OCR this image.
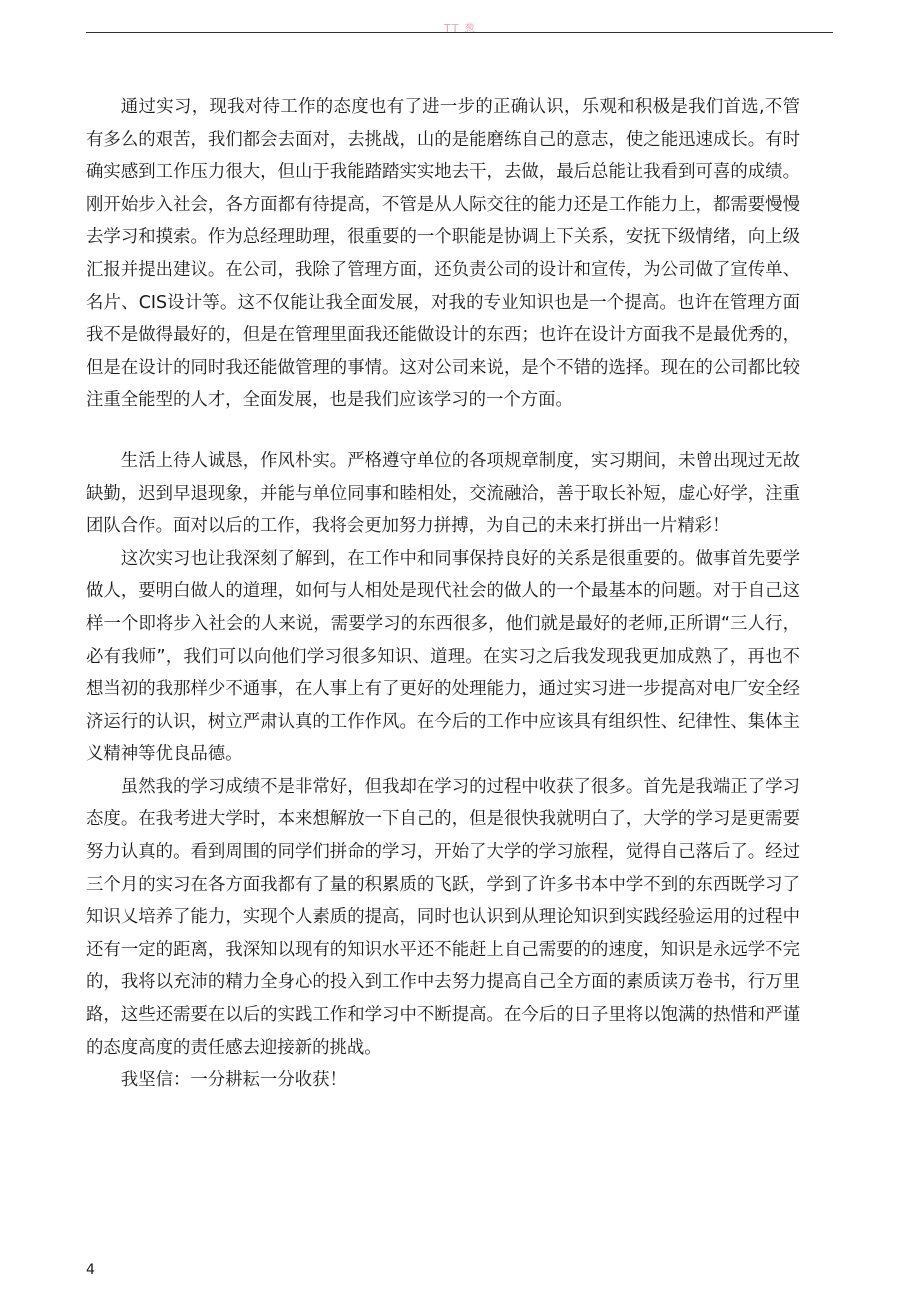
ТТ 葱

通过实习，现我对待工作的态度也有了进一步的正确认识，乐观和积极是我们首选,不管有多么的艰苦，我们都会去面对，去挑战，山的是能磨练自己的意志，使之能迅速成长。有时确实感到工作压力很大，但山于我能踏踏实实地去干，去做，最后总能让我看到可喜的成绩。刚开始步入社会，各方面都有待提高，不管是从人际交往的能力还是工作能力上，都需要慢慢去学习和摸索。作为总经理助理，很重要的一个职能是协调上下关系，安抚下级情绪，向上级汇报并提出建议。在公司，我除了管理方面，还负责公司的设计和宣传，为公司做了宣传单、名片、CIS设计等。这不仅能让我全面发展，对我的专业知识也是一个提高。也许在管理方面我不是做得最好的，但是在管理里面我还能做设计的东西；也许在设计方面我不是最优秀的，但是在设计的同时我还能做管理的事情。这对公司来说，是个不错的选择。现在的公司都比较注重全能型的人才，全面发展，也是我们应该学习的一个方面。

生活上待人诚恳，作风朴实。严格遵守单位的各项规章制度，实习期间，未曾出现过无故缺勤，迟到早退现象，并能与单位同事和睦相处，交流融洽，善于取长补短，虚心好学，注重团队合作。面对以后的工作，我将会更加努力拼搏，为自己的未来打拼出一片精彩！

这次实习也让我深刻了解到，在工作中和同事保持良好的关系是很重要的。做事首先要学做人，要明白做人的道理，如何与人相处是现代社会的做人的一个最基本的问题。对于自己这样一个即将步入社会的人来说，需要学习的东西很多，他们就是最好的老师,正所谓“三人行，必有我师”，我们可以向他们学习很多知识、道理。在实习之后我发现我更加成熟了，再也不想当初的我那样少不通事，在人事上有了更好的处理能力，通过实习进一步提高对电厂安全经济运行的认识，树立严肃认真的工作作风。在今后的工作中应该具有组织性、纪律性、集体主义精神等优良品德。

虽然我的学习成绩不是非常好，但我却在学习的过程中收获了很多。首先是我端正了学习态度。在我考进大学时，本来想解放一下自己的，但是很快我就明白了，大学的学习是更需要努力认真的。看到周围的同学们拼命的学习，开始了大学的学习旅程，觉得自己落后了。经过三个月的实习在各方面我都有了量的积累质的飞跃，学到了许多书本中学不到的东西既学习了知识乂培养了能力，实现个人素质的提高，同时也认识到从理论知识到实践经验运用的过程中还有一定的距离，我深知以现有的知识水平还不能赶上自己需要的的速度，知识是永远学不完的，我将以充沛的精力全身心的投入到工作中去努力提高自己全方面的素质读万卷书，行万里路，这些还需要在以后的实践工作和学习中不断提高。在今后的日子里将以饱满的热惜和严谨的态度高度的责任感去迎接新的挑战。

我坚信：一分耕耘一分收获！

4
